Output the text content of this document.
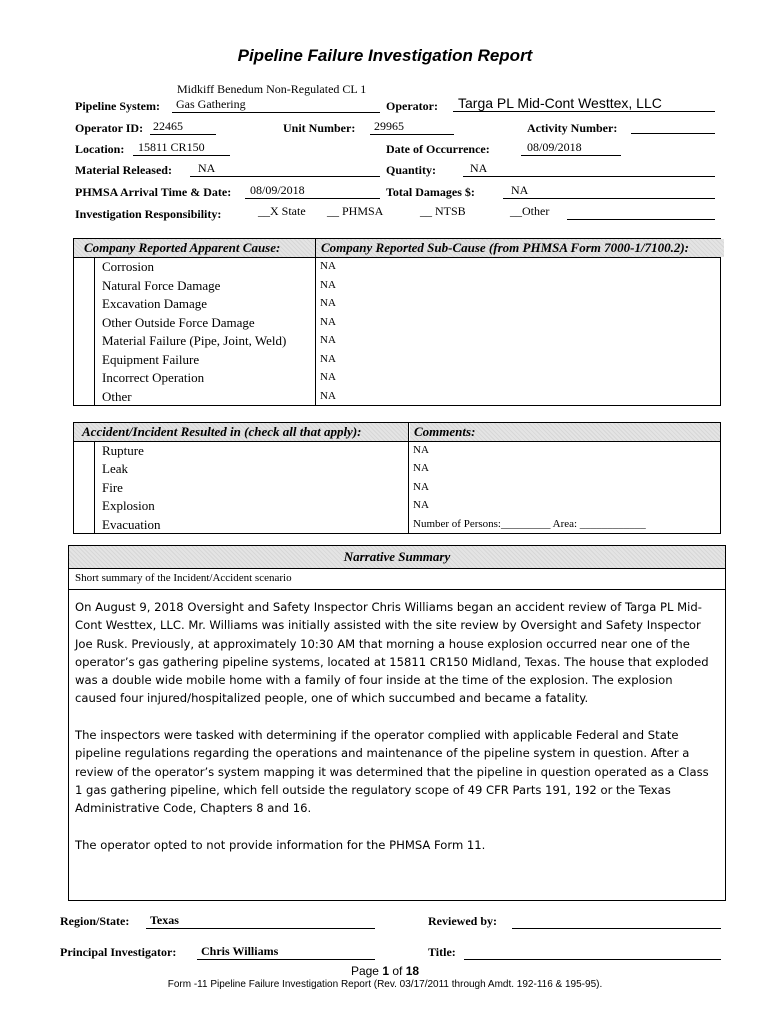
Pipeline Failure Investigation Report
Midkiff Benedum Non-Regulated CL 1
Pipeline System:	Gas Gathering	Operator:	Targa PL Mid-Cont Westtex, LLC
Operator ID: 22465	Unit Number:	29965	Activity Number:
Location:	15811 CR150	Date of Occurrence:	08/09/2018
Material Released:	NA	Quantity:	NA
PHMSA Arrival Time & Date:	08/09/2018	Total Damages $:	NA
Investigation Responsibility:	__X State __ PHMSA	__ NTSB	__Other
Company Reported Apparent Cause:	Company Reported Sub-Cause (from PHMSA Form 7000-1/7100.2):
Corrosion	NA
Natural Force Damage	NA
Excavation Damage	NA
Other Outside Force Damage	NA
Material Failure (Pipe, Joint, Weld)	NA
Equipment Failure	NA
Incorrect Operation	NA
Other	NA
Accident/Incident Resulted in (check all that apply):	Comments:
Rupture	NA
Leak	NA
Fire	NA
Explosion	NA
Evacuation	Number of Persons:_________ Area: ____________
Narrative Summary
Short summary of the Incident/Accident scenario

On August 9, 2018 Oversight and Safety Inspector Chris Williams began an accident review of Targa PL Mid-Cont Westtex, LLC. Mr. Williams was initially assisted with the site review by Oversight and Safety Inspector Joe Rusk. Previously, at approximately 10:30 AM that morning a house explosion occurred near one of the operator’s gas gathering pipeline systems, located at 15811 CR150 Midland, Texas. The house that exploded was a double wide mobile home with a family of four inside at the time of the explosion. The explosion caused four injured/hospitalized people, one of which succumbed and became a fatality.

The inspectors were tasked with determining if the operator complied with applicable Federal and State pipeline regulations regarding the operations and maintenance of the pipeline system in question. After a review of the operator’s system mapping it was determined that the pipeline in question operated as a Class 1 gas gathering pipeline, which fell outside the regulatory scope of 49 CFR Parts 191, 192 or the Texas Administrative Code, Chapters 8 and 16.

The operator opted to not provide information for the PHMSA Form 11.

Region/State:	Texas	Reviewed by:
Principal Investigator:	Chris Williams	Title:
Page 1 of 18
Form -11 Pipeline Failure Investigation Report (Rev. 03/17/2011 through Amdt. 192-116 & 195-95).
